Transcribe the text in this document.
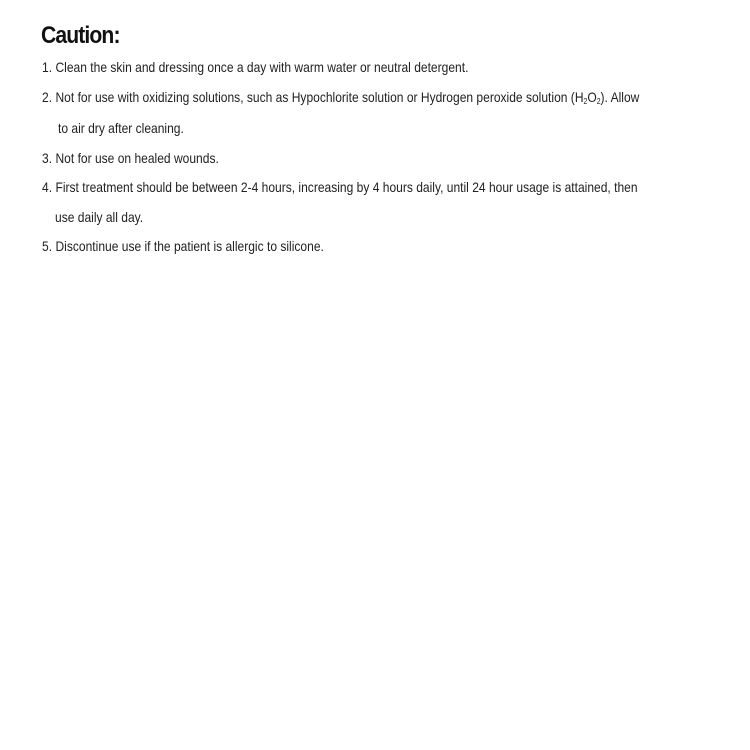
Caution:
1. Clean the skin and dressing once a day with warm water or neutral detergent.
2. Not for use with oxidizing solutions, such as Hypochlorite solution or Hydrogen peroxide solution $(H_2O_2)$. Allow
to air dry after cleaning.
3. Not for use on healed wounds.
4. First treatment should be between 2-4 hours, increasing by 4 hours daily, until 24 hour usage is attained, then
use daily all day.
5. Discontinue use if the patient is allergic to silicone.
